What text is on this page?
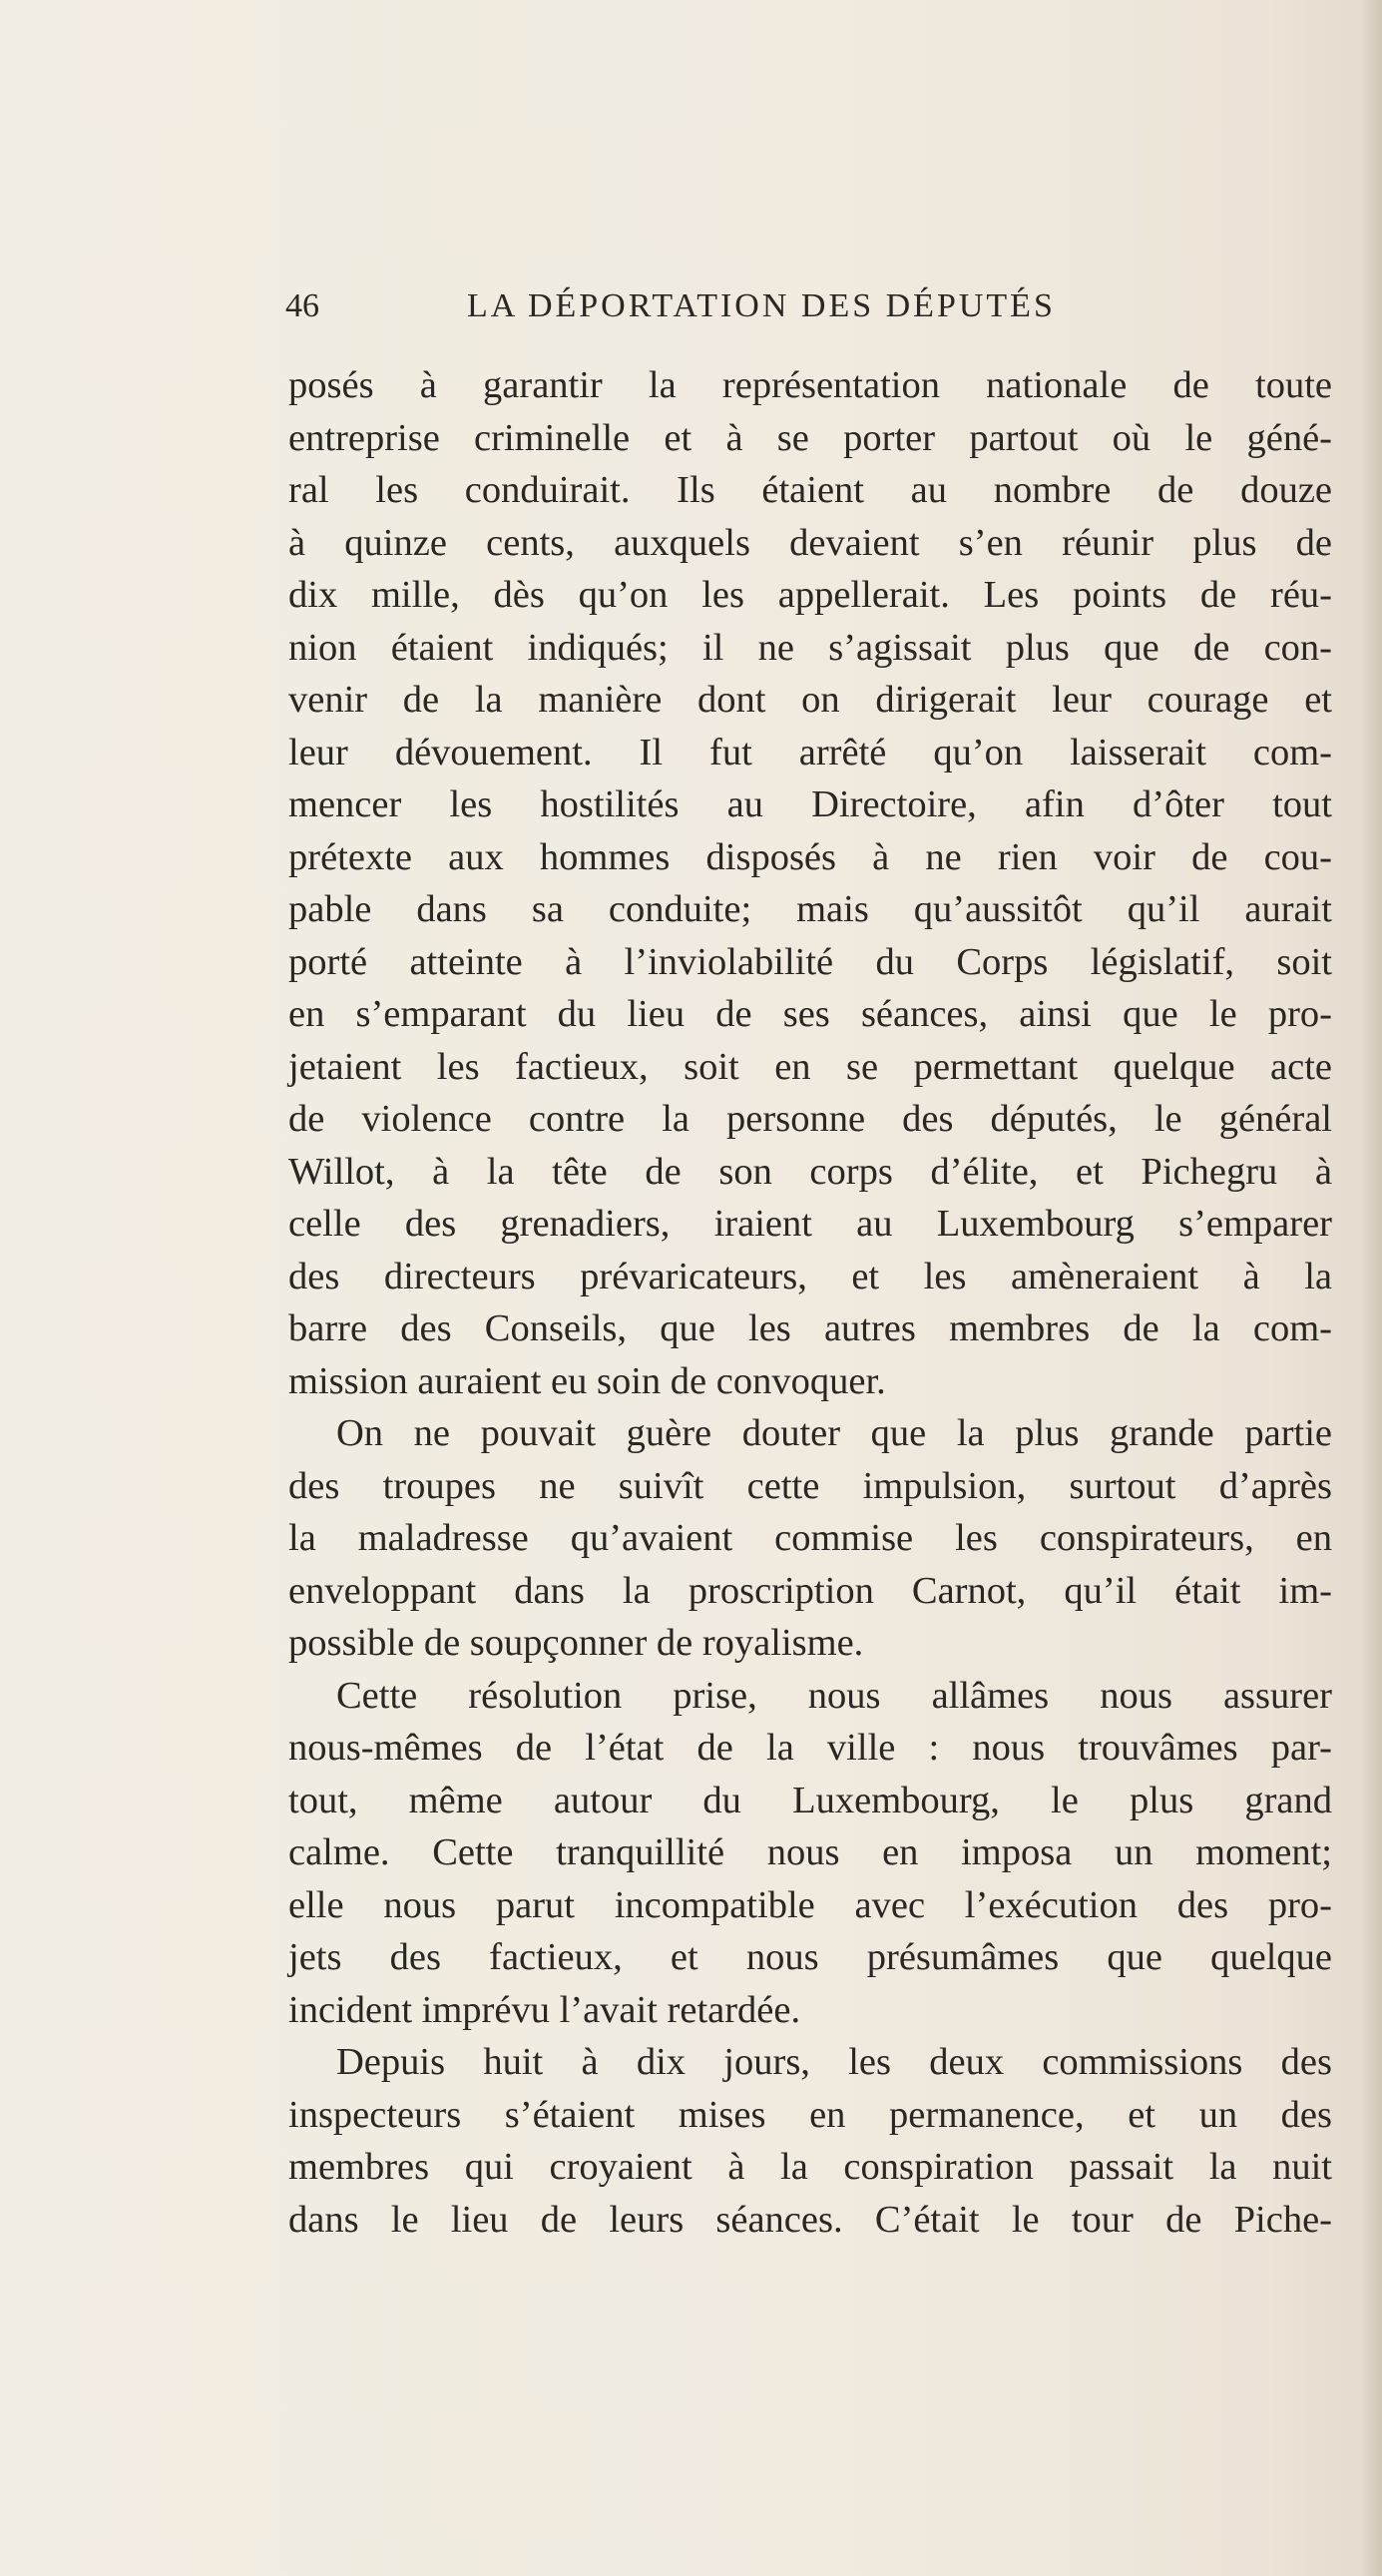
46	LA DÉPORTATION DES DÉPUTÉS
posés à garantir la représentation nationale de toute
entreprise criminelle et à se porter partout où le géné-
ral les conduirait. Ils étaient au nombre de douze
à quinze cents, auxquels devaient s’en réunir plus de
dix mille, dès qu’on les appellerait. Les points de réu-
nion étaient indiqués; il ne s’agissait plus que de con-
venir de la manière dont on dirigerait leur courage et
leur dévouement. Il fut arrêté qu’on laisserait com-
mencer les hostilités au Directoire, afin d’ôter tout
prétexte aux hommes disposés à ne rien voir de cou-
pable dans sa conduite; mais qu’aussitôt qu’il aurait
porté atteinte à l’inviolabilité du Corps législatif, soit
en s’emparant du lieu de ses séances, ainsi que le pro-
jetaient les factieux, soit en se permettant quelque acte
de violence contre la personne des députés, le général
Willot, à la tête de son corps d’élite, et Pichegru à
celle des grenadiers, iraient au Luxembourg s’emparer
des directeurs prévaricateurs, et les amèneraient à la
barre des Conseils, que les autres membres de la com-
mission auraient eu soin de convoquer.
On ne pouvait guère douter que la plus grande partie
des troupes ne suivît cette impulsion, surtout d’après
la maladresse qu’avaient commise les conspirateurs, en
enveloppant dans la proscription Carnot, qu’il était im-
possible de soupçonner de royalisme.
Cette résolution prise, nous allâmes nous assurer
nous-mêmes de l’état de la ville : nous trouvâmes par-
tout, même autour du Luxembourg, le plus grand
calme. Cette tranquillité nous en imposa un moment;
elle nous parut incompatible avec l’exécution des pro-
jets des factieux, et nous présumâmes que quelque
incident imprévu l’avait retardée.
Depuis huit à dix jours, les deux commissions des
inspecteurs s’étaient mises en permanence, et un des
membres qui croyaient à la conspiration passait la nuit
dans le lieu de leurs séances. C’était le tour de Piche-
